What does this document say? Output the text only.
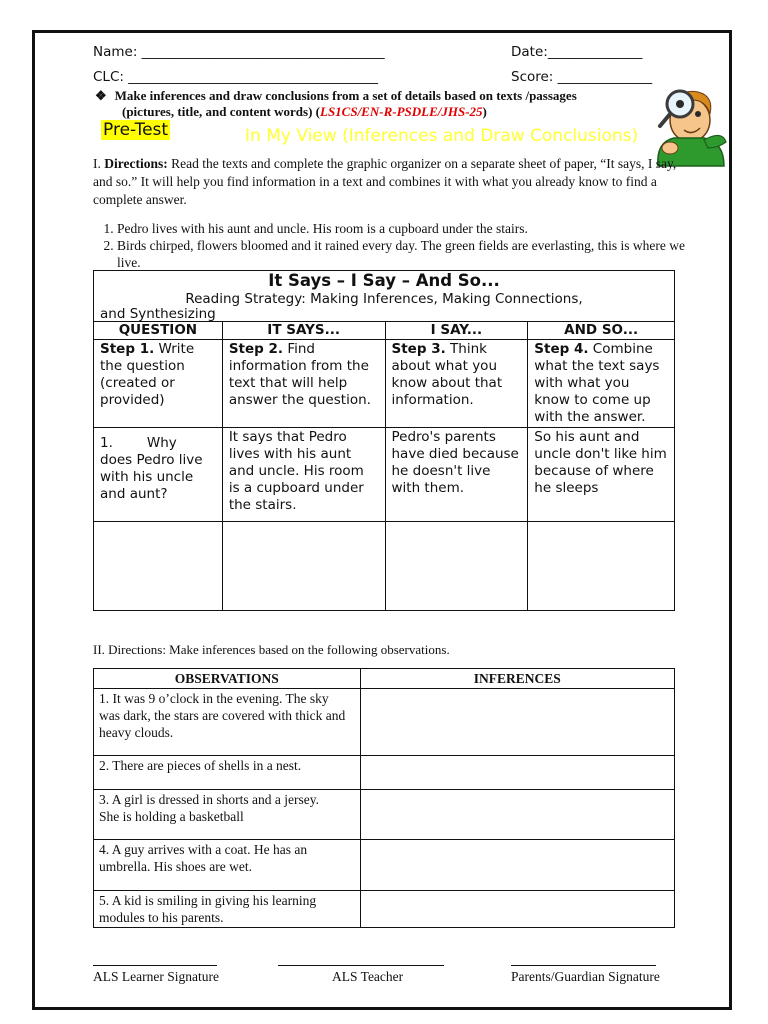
Name: ____________________________________	Date:______________
CLC: _____________________________________	Score: ______________
❖ Make inferences and draw conclusions from a set of details based on texts /passages
(pictures, title, and content words) (LS1CS/EN-R-PSDLE/JHS-25)
Pre-Test	In My View (Inferences and Draw Conclusions)
I. Directions: Read the texts and complete the graphic organizer on a separate sheet of paper, “It says, I say, and so.” It will help you find information in a text and combines it with what you already know to find a complete answer.
1. Pedro lives with his aunt and uncle. His room is a cupboard under the stairs.
2. Birds chirped, flowers bloomed and it rained every day. The green fields are everlasting, this is where we live.
It Says – I Say – And So...
Reading Strategy: Making Inferences, Making Connections,
and Synthesizing			

QUESTION	IT SAYS...	I SAY...	AND SO...
Step 1. Write the question (created or provided)	Step 2. Find information from the text that will help answer the question.	Step 3. Think about what you know about that information.	Step 4. Combine what the text says with what you know to come up with the answer.

1. Why
does Pedro live with his uncle and aunt?	It says that Pedro lives with his aunt and uncle. His room is a cupboard under the stairs.	Pedro's parents have died because he doesn't live with them.	So his aunt and uncle don't like him because of where he sleeps

II. Directions: Make inferences based on the following observations.
OBSERVATIONS	INFERENCES

1. It was 9 o’clock in the evening. The sky
was dark, the stars are covered with thick and heavy clouds.	

2. There are pieces of shells in a nest.	

3. A girl is dressed in shorts and a jersey.
She is holding a basketball	

4. A guy arrives with a coat. He has an umbrella. His shoes are wet.	

5. A kid is smiling in giving his learning modules to his parents.	

ALS Learner Signature	ALS Teacher	Parents/Guardian Signature
